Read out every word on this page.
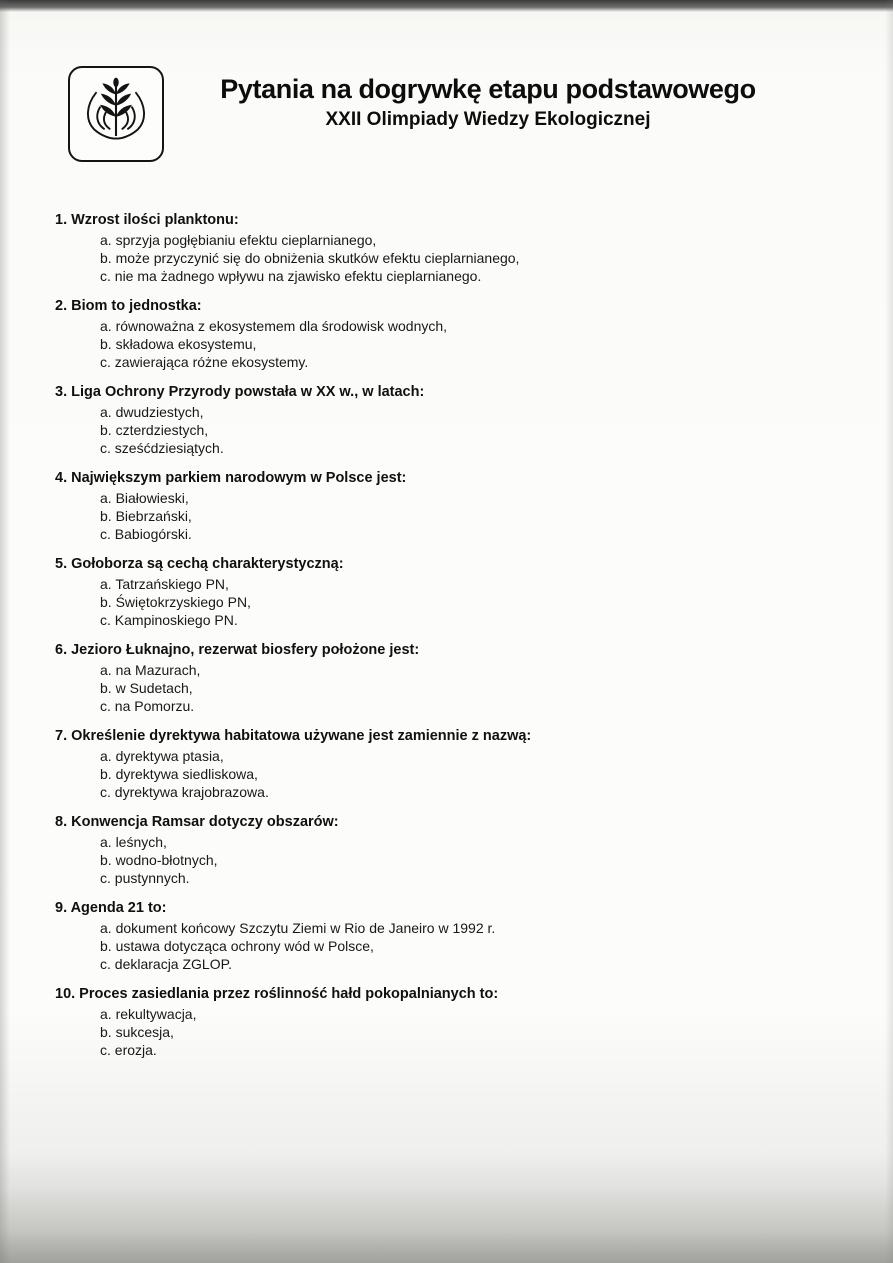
Pytania na dogrywkę etapu podstawowego
XXII Olimpiady Wiedzy Ekologicznej
1. Wzrost ilości planktonu:
a. sprzyja pogłębianiu efektu cieplarnianego,
b. może przyczynić się do obniżenia skutków efektu cieplarnianego,
c. nie ma żadnego wpływu na zjawisko efektu cieplarnianego.
2. Biom to jednostka:
a. równoważna z ekosystemem dla środowisk wodnych,
b. składowa ekosystemu,
c. zawierająca różne ekosystemy.
3. Liga Ochrony Przyrody powstała w XX w., w latach:
a. dwudziestych,
b. czterdziestych,
c. sześćdziesiątych.
4. Największym parkiem narodowym w Polsce jest:
a. Białowieski,
b. Biebrzański,
c. Babiogórski.
5. Gołoborza są cechą charakterystyczną:
a. Tatrzańskiego PN,
b. Świętokrzyskiego PN,
c. Kampinoskiego PN.
6. Jezioro Łuknajno, rezerwat biosfery położone jest:
a. na Mazurach,
b. w Sudetach,
c. na Pomorzu.
7. Określenie dyrektywa habitatowa używane jest zamiennie z nazwą:
a. dyrektywa ptasia,
b. dyrektywa siedliskowa,
c. dyrektywa krajobrazowa.
8. Konwencja Ramsar dotyczy obszarów:
a. leśnych,
b. wodno-błotnych,
c. pustynnych.
9. Agenda 21 to:
a. dokument końcowy Szczytu Ziemi w Rio de Janeiro w 1992 r.
b. ustawa dotycząca ochrony wód w Polsce,
c. deklaracja ZGLOP.
10. Proces zasiedlania przez roślinność hałd pokopalnianych to:
a. rekultywacja,
b. sukcesja,
c. erozja.
